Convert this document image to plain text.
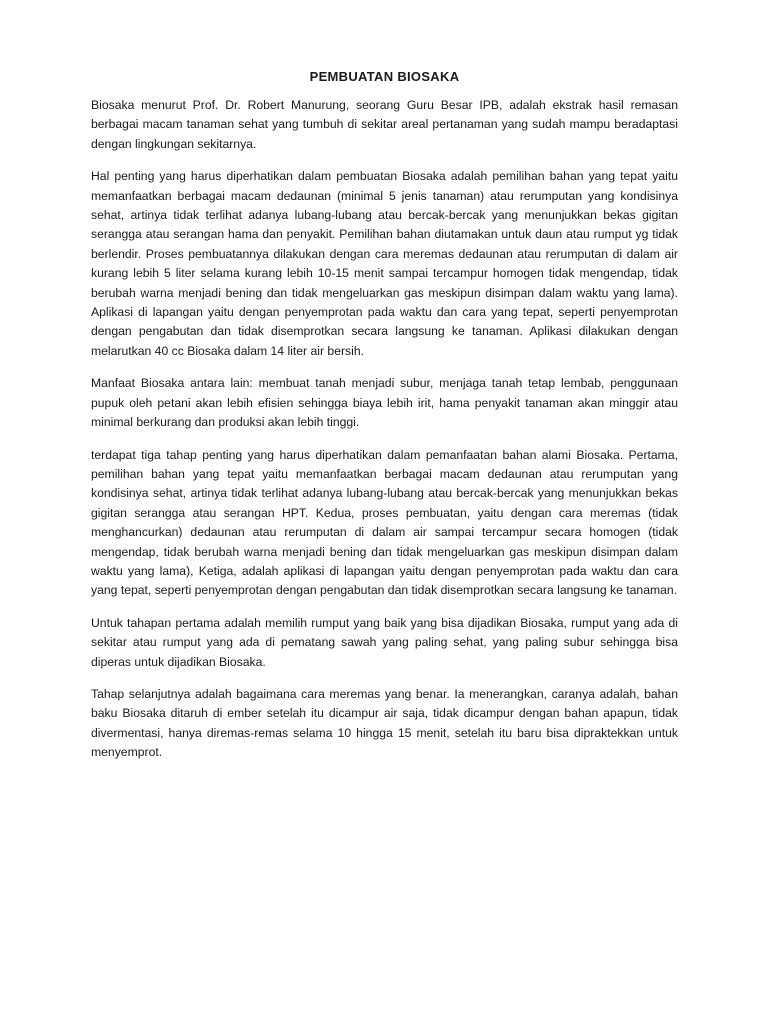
PEMBUATAN BIOSAKA

Biosaka menurut Prof. Dr. Robert Manurung, seorang Guru Besar IPB, adalah ekstrak hasil remasan berbagai macam tanaman sehat yang tumbuh di sekitar areal pertanaman yang sudah mampu beradaptasi dengan lingkungan sekitarnya.

Hal penting yang harus diperhatikan dalam pembuatan Biosaka adalah pemilihan bahan yang tepat yaitu memanfaatkan berbagai macam dedaunan (minimal 5 jenis tanaman) atau rerumputan yang kondisinya sehat, artinya tidak terlihat adanya lubang-lubang atau bercak-bercak yang menunjukkan bekas gigitan serangga atau serangan hama dan penyakit. Pemilihan bahan diutamakan untuk daun atau rumput yg tidak berlendir. Proses pembuatannya dilakukan dengan cara meremas dedaunan atau rerumputan di dalam air kurang lebih 5 liter selama kurang lebih 10-15 menit sampai tercampur homogen tidak mengendap, tidak berubah warna menjadi bening dan tidak mengeluarkan gas meskipun disimpan dalam waktu yang lama). Aplikasi di lapangan yaitu dengan penyemprotan pada waktu dan cara yang tepat, seperti penyemprotan dengan pengabutan dan tidak disemprotkan secara langsung ke tanaman. Aplikasi dilakukan dengan melarutkan 40 cc Biosaka dalam 14 liter air bersih.

Manfaat Biosaka antara lain: membuat tanah menjadi subur, menjaga tanah tetap lembab, penggunaan pupuk oleh petani akan lebih efisien sehingga biaya lebih irit, hama penyakit tanaman akan minggir atau minimal berkurang dan produksi akan lebih tinggi.

terdapat tiga tahap penting yang harus diperhatikan dalam pemanfaatan bahan alami Biosaka. Pertama, pemilihan bahan yang tepat yaitu memanfaatkan berbagai macam dedaunan atau rerumputan yang kondisinya sehat, artinya tidak terlihat adanya lubang-lubang atau bercak-bercak yang menunjukkan bekas gigitan serangga atau serangan HPT. Kedua, proses pembuatan, yaitu dengan cara meremas (tidak menghancurkan) dedaunan atau rerumputan di dalam air sampai tercampur secara homogen (tidak mengendap, tidak berubah warna menjadi bening dan tidak mengeluarkan gas meskipun disimpan dalam waktu yang lama), Ketiga, adalah aplikasi di lapangan yaitu dengan penyemprotan pada waktu dan cara yang tepat, seperti penyemprotan dengan pengabutan dan tidak disemprotkan secara langsung ke tanaman.

Untuk tahapan pertama adalah memilih rumput yang baik yang bisa dijadikan Biosaka, rumput yang ada di sekitar atau rumput yang ada di pematang sawah yang paling sehat, yang paling subur sehingga bisa diperas untuk dijadikan Biosaka.

Tahap selanjutnya adalah bagaimana cara meremas yang benar. Ia menerangkan, caranya adalah, bahan baku Biosaka ditaruh di ember setelah itu dicampur air saja, tidak dicampur dengan bahan apapun, tidak divermentasi, hanya diremas-remas selama 10 hingga 15 menit, setelah itu baru bisa dipraktekkan untuk menyemprot.
